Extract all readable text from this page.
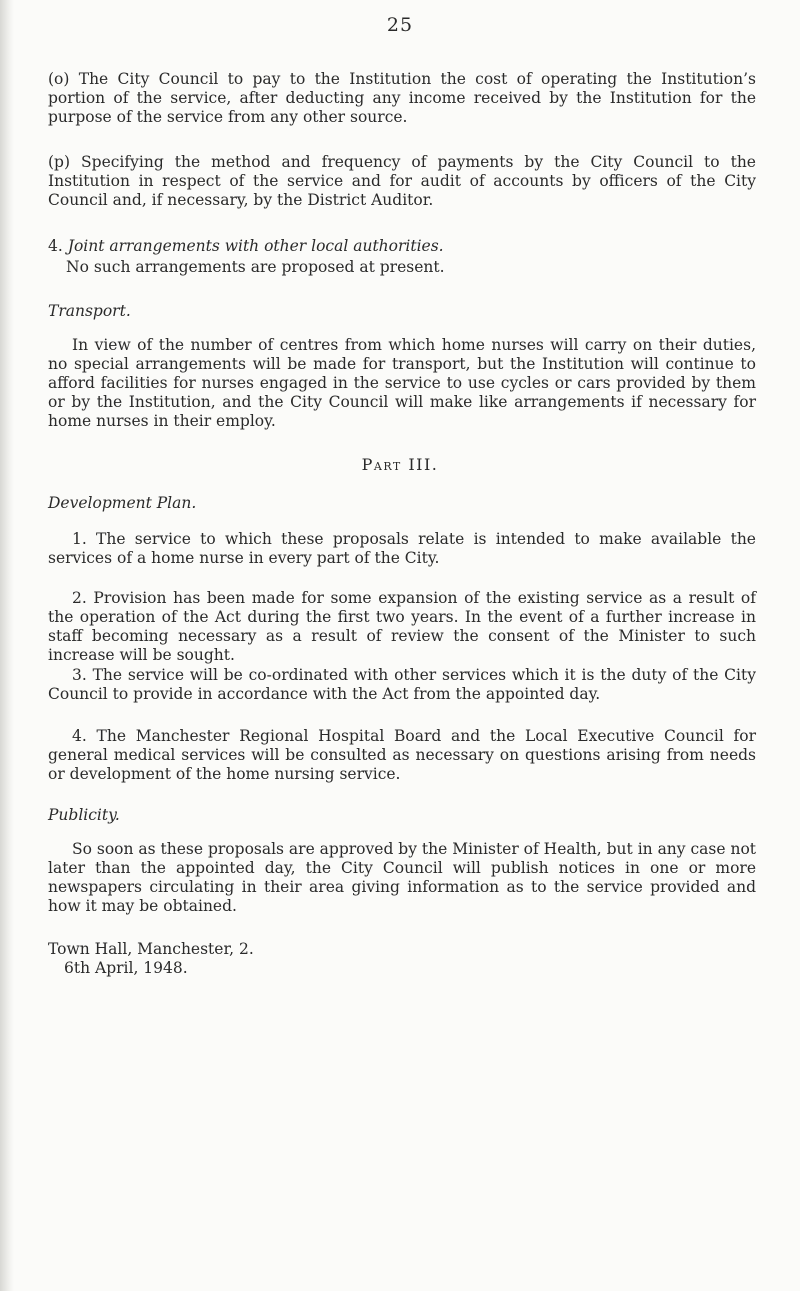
25
(o) The City Council to pay to the Institution the cost of operating the Institution’s portion of the service, after deducting any income received by the Institution for the purpose of the service from any other source.
(p) Specifying the method and frequency of payments by the City Council to the Institution in respect of the service and for audit of accounts by officers of the City Council and, if necessary, by the District Auditor.
4. Joint arrangements with other local authorities.
No such arrangements are proposed at present.
Transport.
In view of the number of centres from which home nurses will carry on their duties, no special arrangements will be made for transport, but the Institution will continue to afford facilities for nurses engaged in the service to use cycles or cars provided by them or by the Institution, and the City Council will make like arrangements if necessary for home nurses in their employ.
Part III.
Development Plan.
1. The service to which these proposals relate is intended to make available the services of a home nurse in every part of the City.
2. Provision has been made for some expansion of the existing service as a result of the operation of the Act during the first two years. In the event of a further increase in staff becoming necessary as a result of review the consent of the Minister to such increase will be sought.
3. The service will be co-ordinated with other services which it is the duty of the City Council to provide in accordance with the Act from the appointed day.
4. The Manchester Regional Hospital Board and the Local Executive Council for general medical services will be consulted as necessary on questions arising from needs or development of the home nursing service.
Publicity.
So soon as these proposals are approved by the Minister of Health, but in any case not later than the appointed day, the City Council will publish notices in one or more newspapers circulating in their area giving information as to the service provided and how it may be obtained.
Town Hall, Manchester, 2.
6th April, 1948.
